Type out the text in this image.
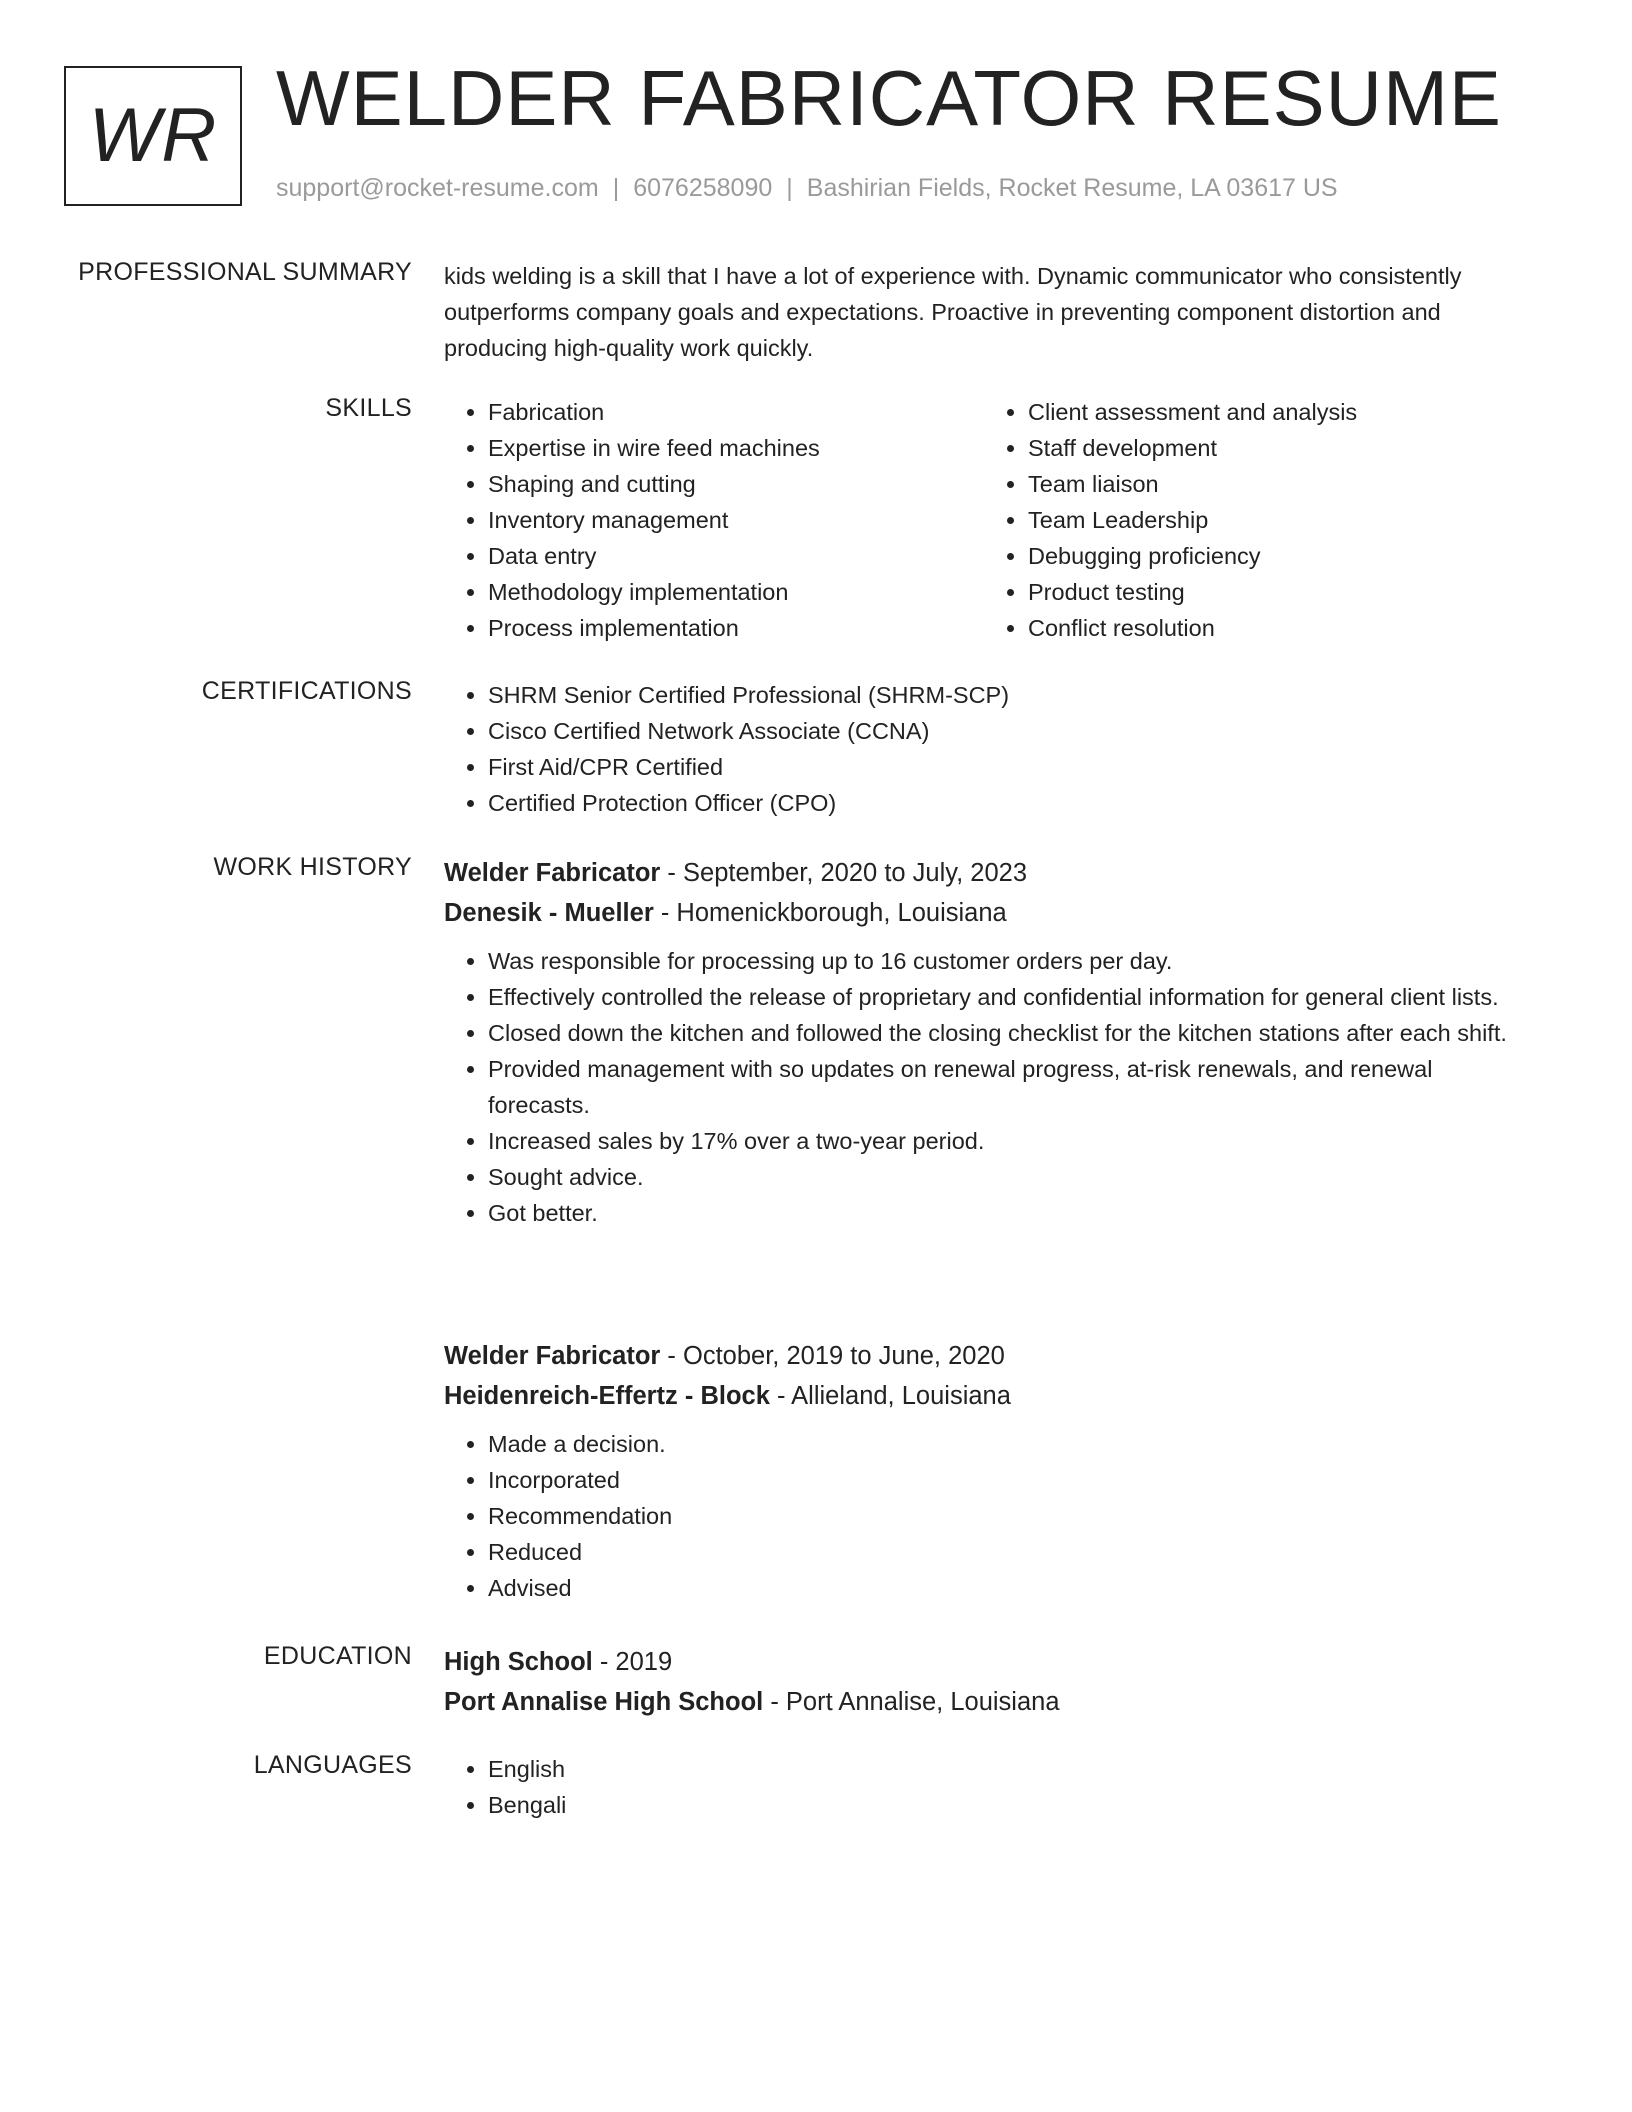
WR WELDER FABRICATOR RESUME
support@rocket-resume.com | 6076258090 | Bashirian Fields, Rocket Resume, LA 03617 US
PROFESSIONAL SUMMARY kids welding is a skill that I have a lot of experience with. Dynamic communicator who consistently outperforms company goals and expectations. Proactive in preventing component distortion and producing high-quality work quickly.
SKILLS	• Fabrication
• Expertise in wire feed machines
• Shaping and cutting
• Inventory management
• Data entry
• Methodology implementation
• Process implementation
• Client assessment and analysis
• Staff development
• Team liaison
• Team Leadership
• Debugging proficiency
• Product testing
• Conflict resolution
CERTIFICATIONS	• SHRM Senior Certified Professional (SHRM-SCP)
• Cisco Certified Network Associate (CCNA)
• First Aid/CPR Certified
• Certified Protection Officer (CPO)
WORK HISTORY Welder Fabricator - September, 2020 to July, 2023
Denesik - Mueller - Homenickborough, Louisiana
• Was responsible for processing up to 16 customer orders per day.
• Effectively controlled the release of proprietary and confidential information for general client lists.
• Closed down the kitchen and followed the closing checklist for the kitchen stations after each shift.
• Provided management with so updates on renewal progress, at-risk renewals, and renewal forecasts.
• Increased sales by 17% over a two-year period.
• Sought advice.
• Got better.
Welder Fabricator - October, 2019 to June, 2020
Heidenreich-Effertz - Block - Allieland, Louisiana
• Made a decision.
• Incorporated
• Recommendation
• Reduced
• Advised
EDUCATION High School - 2019
Port Annalise High School - Port Annalise, Louisiana
LANGUAGES	• English
• Bengali
